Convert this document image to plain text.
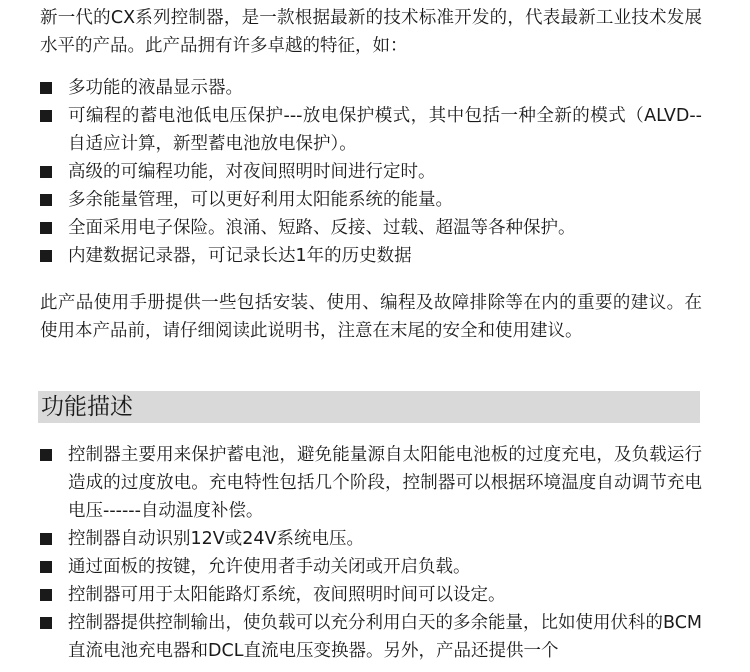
新一代的CX系列控制器，是一款根据最新的技术标准开发的，代表最新工业技术发展水平的产品。此产品拥有许多卓越的特征，如：

多功能的液晶显示器。
可编程的蓄电池低电压保护---放电保护模式，其中包括一种全新的模式（ALVD--自适应计算，新型蓄电池放电保护）。
高级的可编程功能，对夜间照明时间进行定时。
多余能量管理，可以更好利用太阳能系统的能量。
全面采用电子保险。浪涌、短路、反接、过载、超温等各种保护。
内建数据记录器，可记录长达1年的历史数据

此产品使用手册提供一些包括安装、使用、编程及故障排除等在内的重要的建议。在使用本产品前，请仔细阅读此说明书，注意在末尾的安全和使用建议。

功能描述
控制器主要用来保护蓄电池，避免能量源自太阳能电池板的过度充电，及负载运行造成的过度放电。充电特性包括几个阶段，控制器可以根据环境温度自动调节充电电压------自动温度补偿。
控制器自动识别12V或24V系统电压。
通过面板的按键，允许使用者手动关闭或开启负载。
控制器可用于太阳能路灯系统，夜间照明时间可以设定。
控制器提供控制输出，使负载可以充分利用白天的多余能量，比如使用伏科的BCM直流电池充电器和DCL直流电压变换器。另外，产品还提供一个
